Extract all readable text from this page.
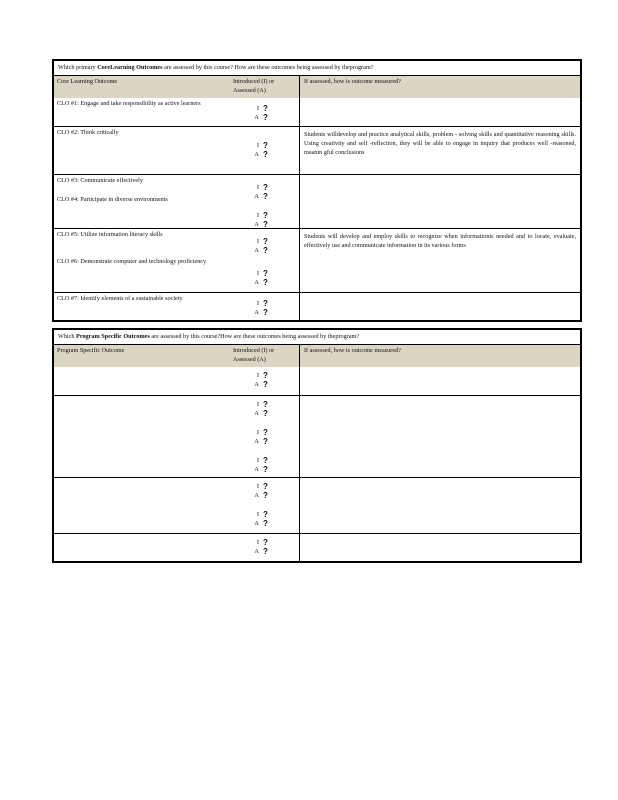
Which primary CoreLearning Outcomes are assessed by this course? How are these outcomes being assessed by theprogram?
Core Learning Outcome	Introduced (I) or Assessed (A)
If assessed, how is outcome measured?
CLO #1: Engage and take responsibility as active learners
I ?
A ?
CLO #2: Think critically
I ?
A ?
Students willdevelop and practice analytical skills, problem - solving skills and quantitative reasoning skills. Using creativity and self -reflection, they will be able to engage in inquiry that produces well -reasoned, meanin gful conclusions
CLO #3: Communicate effectively
CLO #4: Participate in diverse environments
I ?
A ?
I ?
A ?
CLO #5: Utilize information literacy skills
CLO #6: Demonstrate computer and technology proficiency
I ?
A ?
I ?
A ?
Students will develop and employ skills to recognize when informationis needed and to locate, evaluate, effectively use and communicate information in its various forms
CLO #7: Identify elements of a sustainable society
I ?
A ?
Which Program Specific Outcomes are assessed by this course?How are these outcomes being assessed by theprogram?
Program Specific Outcome	Introduced (I) or Assessed (A)
If assessed, how is outcome measured?
I ?
A ?
I ?
A ?
I ?
A ?
I ?
A ?
I ?
A ?
I ?
A ?
I ?
A ?
